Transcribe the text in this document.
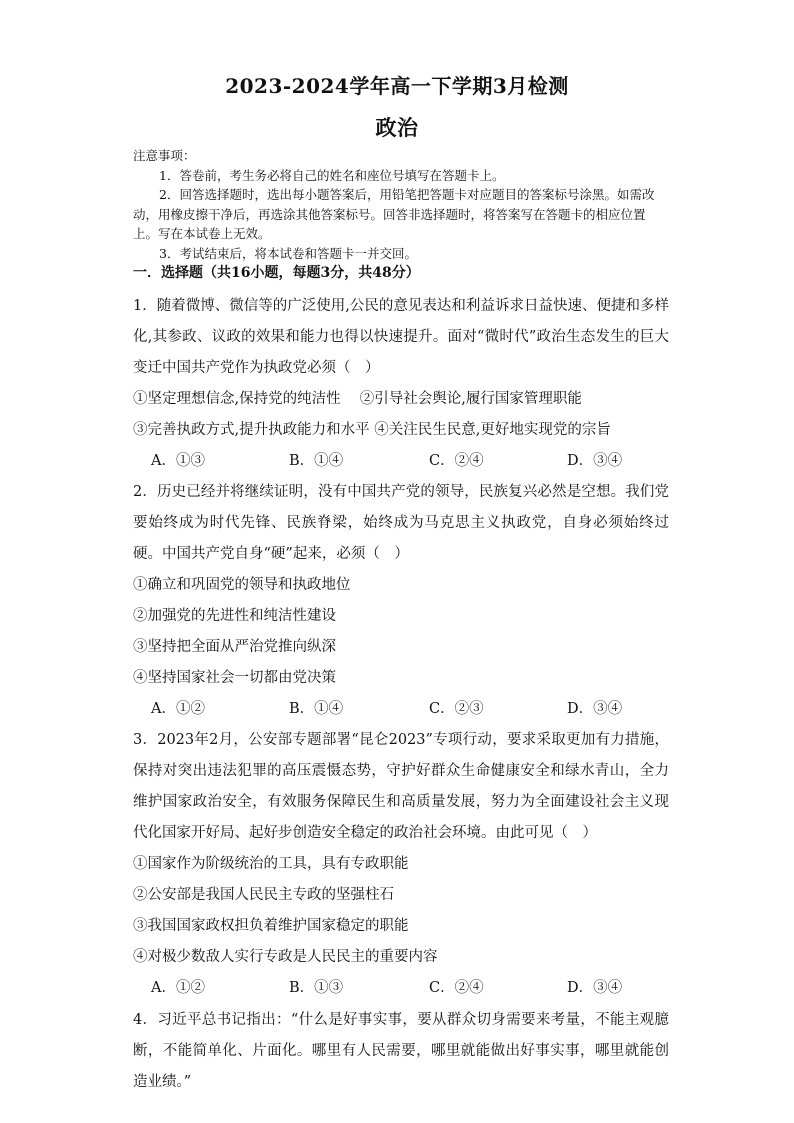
2023-2024学年高一下学期3月检测
政治

注意事项：

1．答卷前，考生务必将自己的姓名和座位号填写在答题卡上。

2．回答选择题时，选出每小题答案后，用铅笔把答题卡对应题目的答案标号涂黑。如需改动，用橡皮擦干净后，再选涂其他答案标号。回答非选择题时，将答案写在答题卡的相应位置上。写在本试卷上无效。

3．考试结束后，将本试卷和答题卡一并交回。

一．选择题（共16小题，每题3分，共48分）

1．随着微博、微信等的广泛使用,公民的意见表达和利益诉求日益快速、便捷和多样化,其参政、议政的效果和能力也得以快速提升。面对“微时代”政治生态发生的巨大变迁中国共产党作为执政党必须（　）

①坚定理想信念,保持党的纯洁性　 ②引导社会舆论,履行国家管理职能

③完善执政方式,提升执政能力和水平 ④关注民生民意,更好地实现党的宗旨

A．①③	B．①④	C．②④	D．③④

2．历史已经并将继续证明，没有中国共产党的领导，民族复兴必然是空想。我们党要始终成为时代先锋、民族脊梁，始终成为马克思主义执政党，自身必须始终过硬。中国共产党自身“硬”起来，必须（　）

①确立和巩固党的领导和执政地位

②加强党的先进性和纯洁性建设

③坚持把全面从严治党推向纵深

④坚持国家社会一切都由党决策

A．①②	B．①④	C．②③	D．③④

3．2023年2月，公安部专题部署“昆仑2023”专项行动，要求采取更加有力措施，保持对突出违法犯罪的高压震慑态势，守护好群众生命健康安全和绿水青山，全力维护国家政治安全，有效服务保障民生和高质量发展，努力为全面建设社会主义现代化国家开好局、起好步创造安全稳定的政治社会环境。由此可见（　）

①国家作为阶级统治的工具，具有专政职能

②公安部是我国人民民主专政的坚强柱石

③我国国家政权担负着维护国家稳定的职能

④对极少数敌人实行专政是人民民主的重要内容

A．①②	B．①③	C．②④	D．③④

4．习近平总书记指出：“什么是好事实事，要从群众切身需要来考量，不能主观臆断，不能简单化、片面化。哪里有人民需要，哪里就能做出好事实事，哪里就能创造业绩。”
